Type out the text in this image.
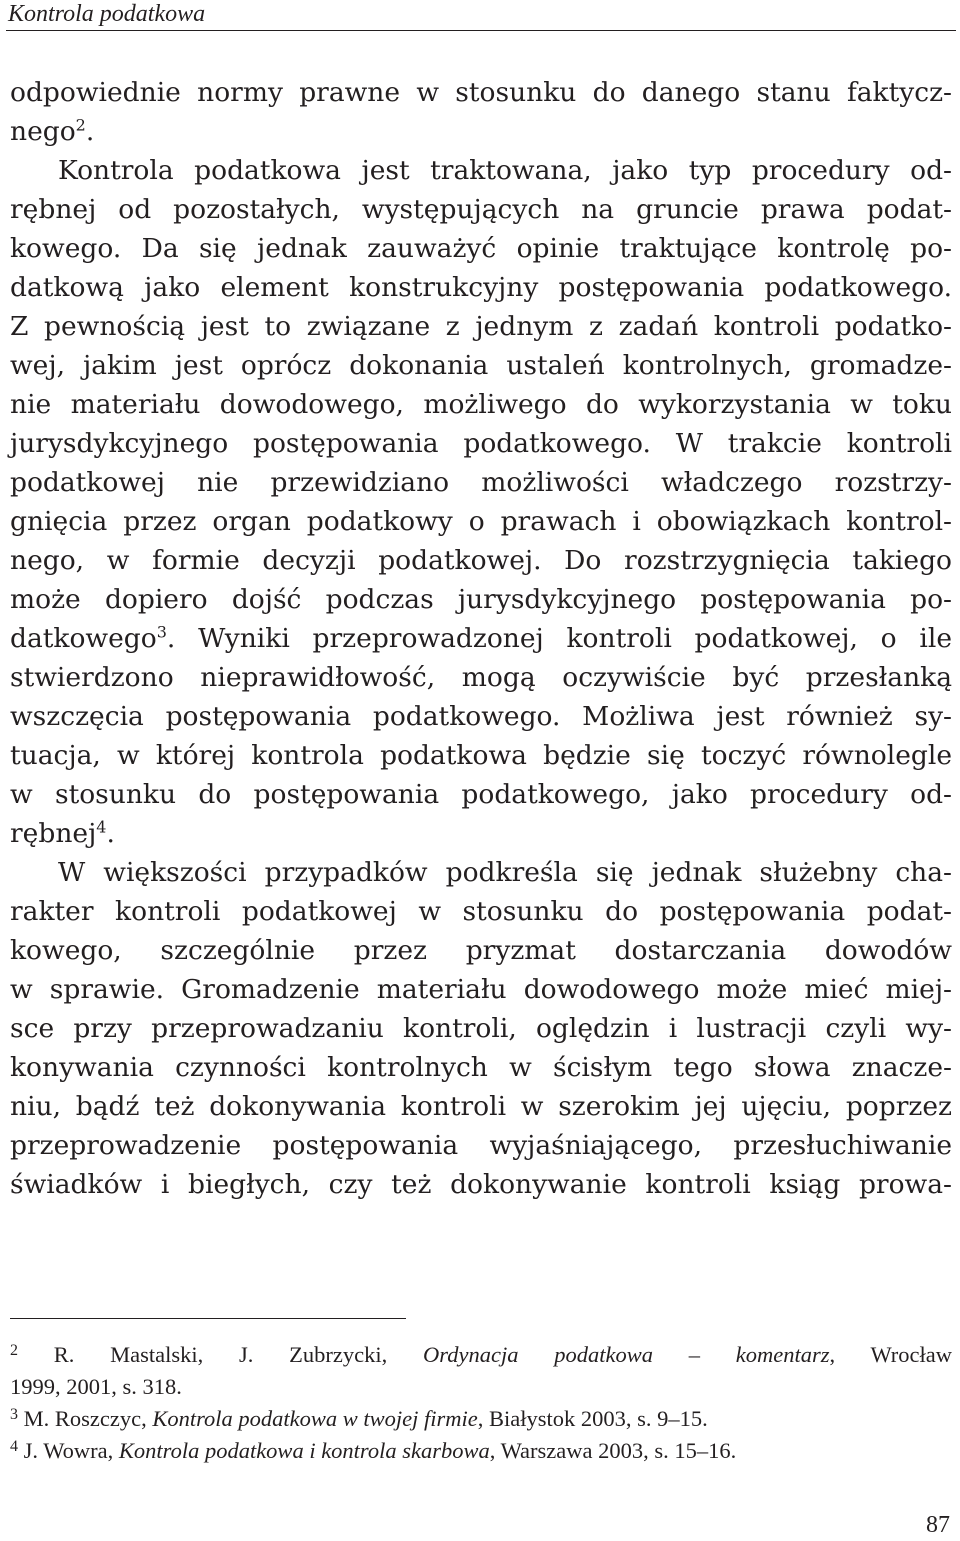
Kontrola podatkowa
odpowiednie normy prawne w stosunku do danego stanu faktycz-
nego$^2$.
Kontrola podatkowa jest traktowana, jako typ procedury od-
rębnej od pozostałych, występujących na gruncie prawa podat-
kowego. Da się jednak zauważyć opinie traktujące kontrolę po-
datkową jako element konstrukcyjny postępowania podatkowego.
Z pewnością jest to związane z jednym z zadań kontroli podatko-
wej, jakim jest oprócz dokonania ustaleń kontrolnych, gromadze-
nie materiału dowodowego, możliwego do wykorzystania w toku
jurysdykcyjnego postępowania podatkowego. W trakcie kontroli
podatkowej nie przewidziano możliwości władczego rozstrzy-
gnięcia przez organ podatkowy o prawach i obowiązkach kontrol-
nego, w formie decyzji podatkowej. Do rozstrzygnięcia takiego
może dopiero dojść podczas jurysdykcyjnego postępowania po-
datkowego$^3$. Wyniki przeprowadzonej kontroli podatkowej, o ile
stwierdzono nieprawidłowość, mogą oczywiście być przesłanką
wszczęcia postępowania podatkowego. Możliwa jest również sy-
tuacja, w której kontrola podatkowa będzie się toczyć równolegle
w stosunku do postępowania podatkowego, jako procedury od-
rębnej$^4$.
W większości przypadków podkreśla się jednak służebny cha-
rakter kontroli podatkowej w stosunku do postępowania podat-
kowego, szczególnie przez pryzmat dostarczania dowodów
w sprawie. Gromadzenie materiału dowodowego może mieć miej-
sce przy przeprowadzaniu kontroli, oględzin i lustracji czyli wy-
konywania czynności kontrolnych w ścisłym tego słowa znacze-
niu, bądź też dokonywania kontroli w szerokim jej ujęciu, poprzez
przeprowadzenie postępowania wyjaśniającego, przesłuchiwanie
świadków i biegłych, czy też dokonywanie kontroli ksiąg prowa-
$^2$ R. Mastalski, J. Zubrzycki, Ordynacja podatkowa – komentarz, Wrocław
1999, 2001, s. 318.
$^3$ M. Roszczyc, Kontrola podatkowa w twojej firmie, Białystok 2003, s. 9–15.
$^4$ J. Wowra, Kontrola podatkowa i kontrola skarbowa, Warszawa 2003, s. 15–16.
87
